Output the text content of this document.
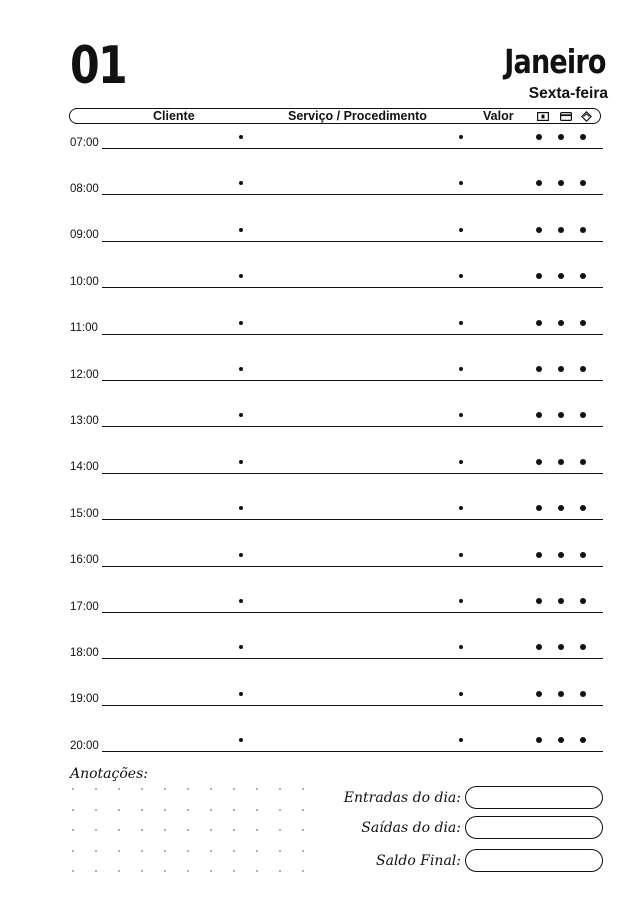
01	Janeiro
Sexta-feira
Cliente	Serviço / Procedimento	Valor
07:00
08:00
09:00
10:00
11:00
12:00
13:00
14:00
15:00
16:00
17:00
18:00
19:00
20:00
Anotações:
Entradas do dia:
Saídas do dia:
Saldo Final:
